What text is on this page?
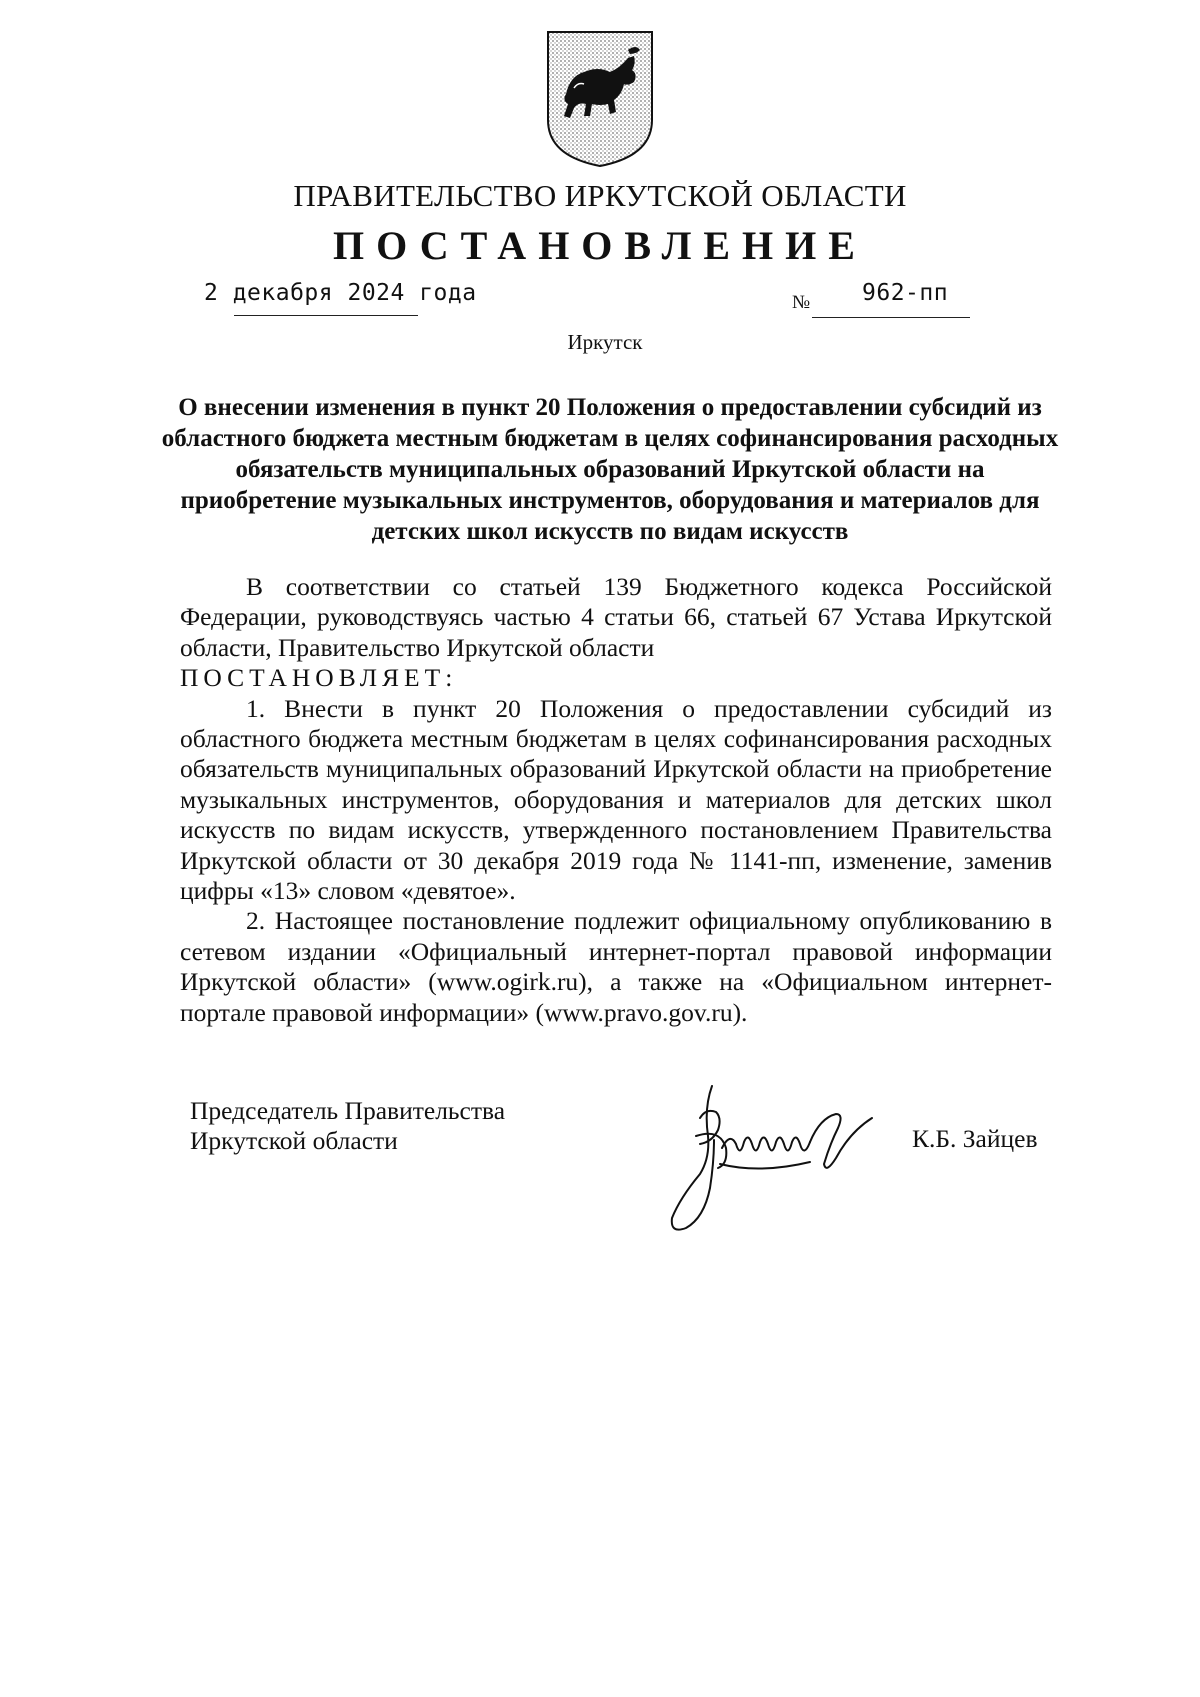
ПРАВИТЕЛЬСТВО ИРКУТСКОЙ ОБЛАСТИ
ПОСТАНОВЛЕНИЕ
2 декабря 2024 года	№ 962-пп
Иркутск
О внесении изменения в пункт 20 Положения о предоставлении субсидий из областного бюджета местным бюджетам в целях софинансирования расходных обязательств муниципальных образований Иркутской области на приобретение музыкальных инструментов, оборудования и материалов для детских школ искусств по видам искусств

В соответствии со статьей 139 Бюджетного кодекса Российской Федерации, руководствуясь частью 4 статьи 66, статьей 67 Устава Иркутской области, Правительство Иркутской области

ПОСТАНОВЛЯЕТ:

1. Внести в пункт 20 Положения о предоставлении субсидий из областного бюджета местным бюджетам в целях софинансирования расходных обязательств муниципальных образований Иркутской области на приобретение музыкальных инструментов, оборудования и материалов для детских школ искусств по видам искусств, утвержденного постановлением Правительства Иркутской области от 30 декабря 2019 года № 1141-пп, изменение, заменив цифры «13» словом «девятое».

2. Настоящее постановление подлежит официальному опубликованию в сетевом издании «Официальный интернет-портал правовой информации Иркутской области» (www.ogirk.ru), а также на «Официальном интернет-портале правовой информации» (www.pravo.gov.ru).

Председатель Правительства
Иркутской области	К.Б. Зайцев
